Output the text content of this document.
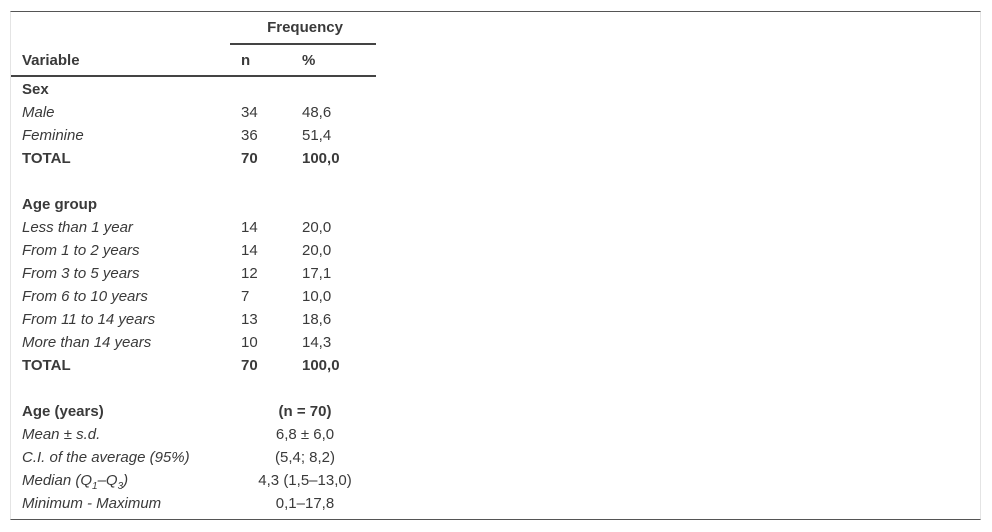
Frequency
Variable	n	%
Sex
Male	34	48,6
Feminine	36	51,4
TOTAL	70	100,0
Age group
Less than 1 year	14	20,0
From 1 to 2 years	14	20,0
From 3 to 5 years	12	17,1
From 6 to 10 years	7	10,0
From 11 to 14 years	13	18,6
More than 14 years	10	14,3
TOTAL	70	100,0
Age (years)	(n = 70)
Mean ± s.d.	6,8 ± 6,0
C.I. of the average (95%)	(5,4; 8,2)
Median $(Q_1-Q_3)$	4,3 (1,5–13,0)
Minimum - Maximum	0,1–17,8
